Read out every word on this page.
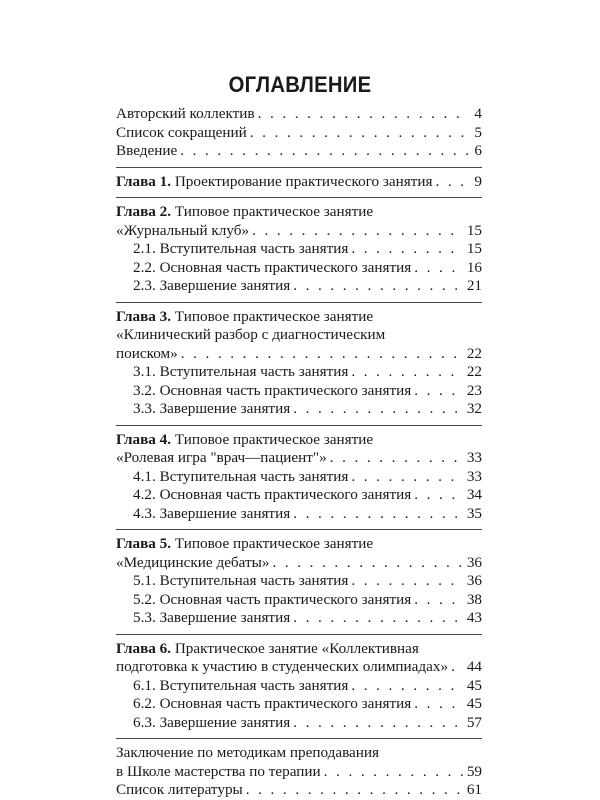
ОГЛАВЛЕНИЕ
Авторский коллектив . . .	4
Список сокращений . . .	5
Введение . . .	6
Глава 1. Проектирование практического занятия . . .	9
Глава 2. Типовое практическое занятие
«Журнальный клуб» . . .	15
2.1. Вступительная часть занятия . . .	15
2.2. Основная часть практического занятия . . .	16
2.3. Завершение занятия . . .	21
Глава 3. Типовое практическое занятие
«Клинический разбор с диагностическим
поиском» . . .	22
3.1. Вступительная часть занятия . . .	22
3.2. Основная часть практического занятия . . .	23
3.3. Завершение занятия . . .	32
Глава 4. Типовое практическое занятие
«Ролевая игра "врач—пациент"» . . .	33
4.1. Вступительная часть занятия . . .	33
4.2. Основная часть практического занятия . . .	34
4.3. Завершение занятия . . .	35
Глава 5. Типовое практическое занятие
«Медицинские дебаты» . . .	36
5.1. Вступительная часть занятия . . .	36
5.2. Основная часть практического занятия . . .	38
5.3. Завершение занятия . . .	43
Глава 6. Практическое занятие «Коллективная
подготовка к участию в студенческих олимпиадах» . . . 44
6.1. Вступительная часть занятия . . .	45
6.2. Основная часть практического занятия . . .	45
6.3. Завершение занятия . . .	57
Заключение по методикам преподавания
в Школе мастерства по терапии . . .	59
Список литературы . . .	61
